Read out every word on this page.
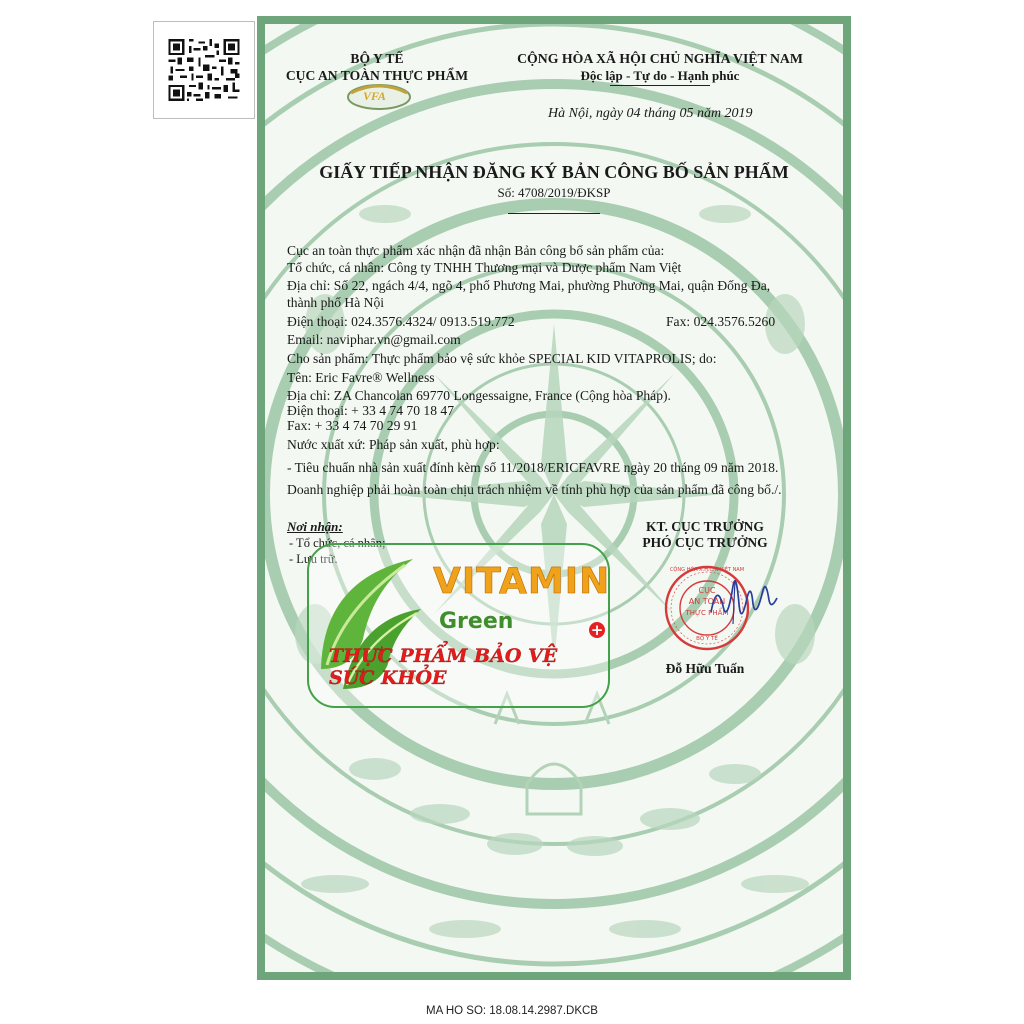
BỘ Y TẾ
CỤC AN TOÀN THỰC PHẨM
VFA
CỘNG HÒA XÃ HỘI CHỦ NGHĨA VIỆT NAM
Độc lập - Tự do - Hạnh phúc
Hà Nội, ngày 04 tháng 05 năm 2019
GIẤY TIẾP NHẬN ĐĂNG KÝ BẢN CÔNG BỐ SẢN PHẨM
Số: 4708/2019/ĐKSP
Cục an toàn thực phẩm xác nhận đã nhận Bản công bố sản phẩm của:
Tổ chức, cá nhân: Công ty TNHH Thương mại và Dược phẩm Nam Việt
Địa chỉ: Số 22, ngách 4/4, ngõ 4, phố Phương Mai, phường Phương Mai, quận Đống Đa,
thành phố Hà Nội
Điện thoại: 024.3576.4324/ 0913.519.772	Fax: 024.3576.5260
Email: naviphar.vn@gmail.com
Cho sản phẩm: Thực phẩm bảo vệ sức khỏe SPECIAL KID VITAPROLIS; do:
Tên: Eric Favre® Wellness
Địa chỉ: ZA Chancolan 69770 Longessaigne, France (Cộng hòa Pháp).
Điện thoại: + 33 4 74 70 18 47
Fax: + 33 4 74 70 29 91
Nước xuất xứ: Pháp sản xuất, phù hợp:
- Tiêu chuẩn nhà sản xuất đính kèm số 11/2018/ERICFAVRE ngày 20 tháng 09 năm 2018.
Doanh nghiệp phải hoàn toàn chịu trách nhiệm về tính phù hợp của sản phẩm đã công bố./.
Nơi nhận:
- Tổ chức, cá nhân;
- Lưu trữ.
KT. CỤC TRƯỞNG
PHÓ CỤC TRƯỞNG
CỤC
AN TOÀN
THỰC PHẨM
CỘNG HÒA X.H.C.N VIỆT NAM
BỘ Y TẾ
Đỗ Hữu Tuấn
VITAMIN
Green	+
THỰC PHẨM BẢO VỆ SỨC KHỎE
MA HO SO: 18.08.14.2987.DKCB
